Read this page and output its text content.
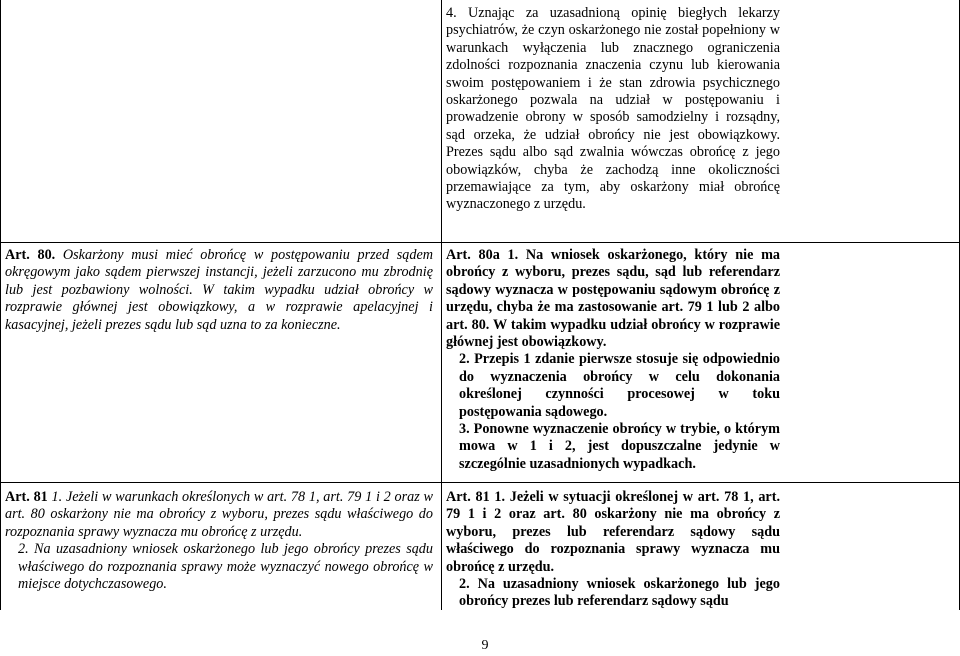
4. Uznając za uzasadnioną opinię biegłych lekarzy psychiatrów, że czyn oskarżonego nie został popełniony w warunkach wyłączenia lub znacznego ograniczenia zdolności rozpoznania znaczenia czynu lub kierowania swoim postępowaniem i że stan zdrowia psychicznego oskarżonego pozwala na udział w postępowaniu i prowadzenie obrony w sposób samodzielny i rozsądny, sąd orzeka, że udział obrońcy nie jest obowiązkowy. Prezes sądu albo sąd zwalnia wówczas obrońcę z jego obowiązków, chyba że zachodzą inne okoliczności przemawiające za tym, aby oskarżony miał obrońcę wyznaczonego z urzędu.

Art. 80. Oskarżony musi mieć obrońcę w postępowaniu przed sądem okręgowym jako sądem pierwszej instancji, jeżeli zarzucono mu zbrodnię lub jest pozbawiony wolności. W takim wypadku udział obrońcy w rozprawie głównej jest obowiązkowy, a w rozprawie apelacyjnej i kasacyjnej, jeżeli prezes sądu lub sąd uzna to za konieczne.

Art. 80a 1. Na wniosek oskarżonego, który nie ma obrońcy z wyboru, prezes sądu, sąd lub referendarz sądowy wyznacza w postępowaniu sądowym obrońcę z urzędu, chyba że ma zastosowanie art. 79 1 lub 2 albo art. 80. W takim wypadku udział obrońcy w rozprawie głównej jest obowiązkowy.

2. Przepis 1 zdanie pierwsze stosuje się odpowiednio do wyznaczenia obrońcy w celu dokonania określonej czynności procesowej w toku postępowania sądowego.

3. Ponowne wyznaczenie obrońcy w trybie, o którym mowa w 1 i 2, jest dopuszczalne jedynie w szczególnie uzasadnionych wypadkach.

Art. 81 1. Jeżeli w warunkach określonych w art. 78 1, art. 79 1 i 2 oraz w art. 80 oskarżony nie ma obrońcy z wyboru, prezes sądu właściwego do rozpoznania sprawy wyznacza mu obrońcę z urzędu.

2. Na uzasadniony wniosek oskarżonego lub jego obrońcy prezes sądu właściwego do rozpoznania sprawy może wyznaczyć nowego obrońcę w miejsce dotychczasowego.

Art. 81 1. Jeżeli w sytuacji określonej w art. 78 1, art. 79 1 i 2 oraz art. 80 oskarżony nie ma obrońcy z wyboru, prezes lub referendarz sądowy sądu właściwego do rozpoznania sprawy wyznacza mu obrońcę z urzędu.

2. Na uzasadniony wniosek oskarżonego lub jego obrońcy prezes lub referendarz sądowy sądu

9
